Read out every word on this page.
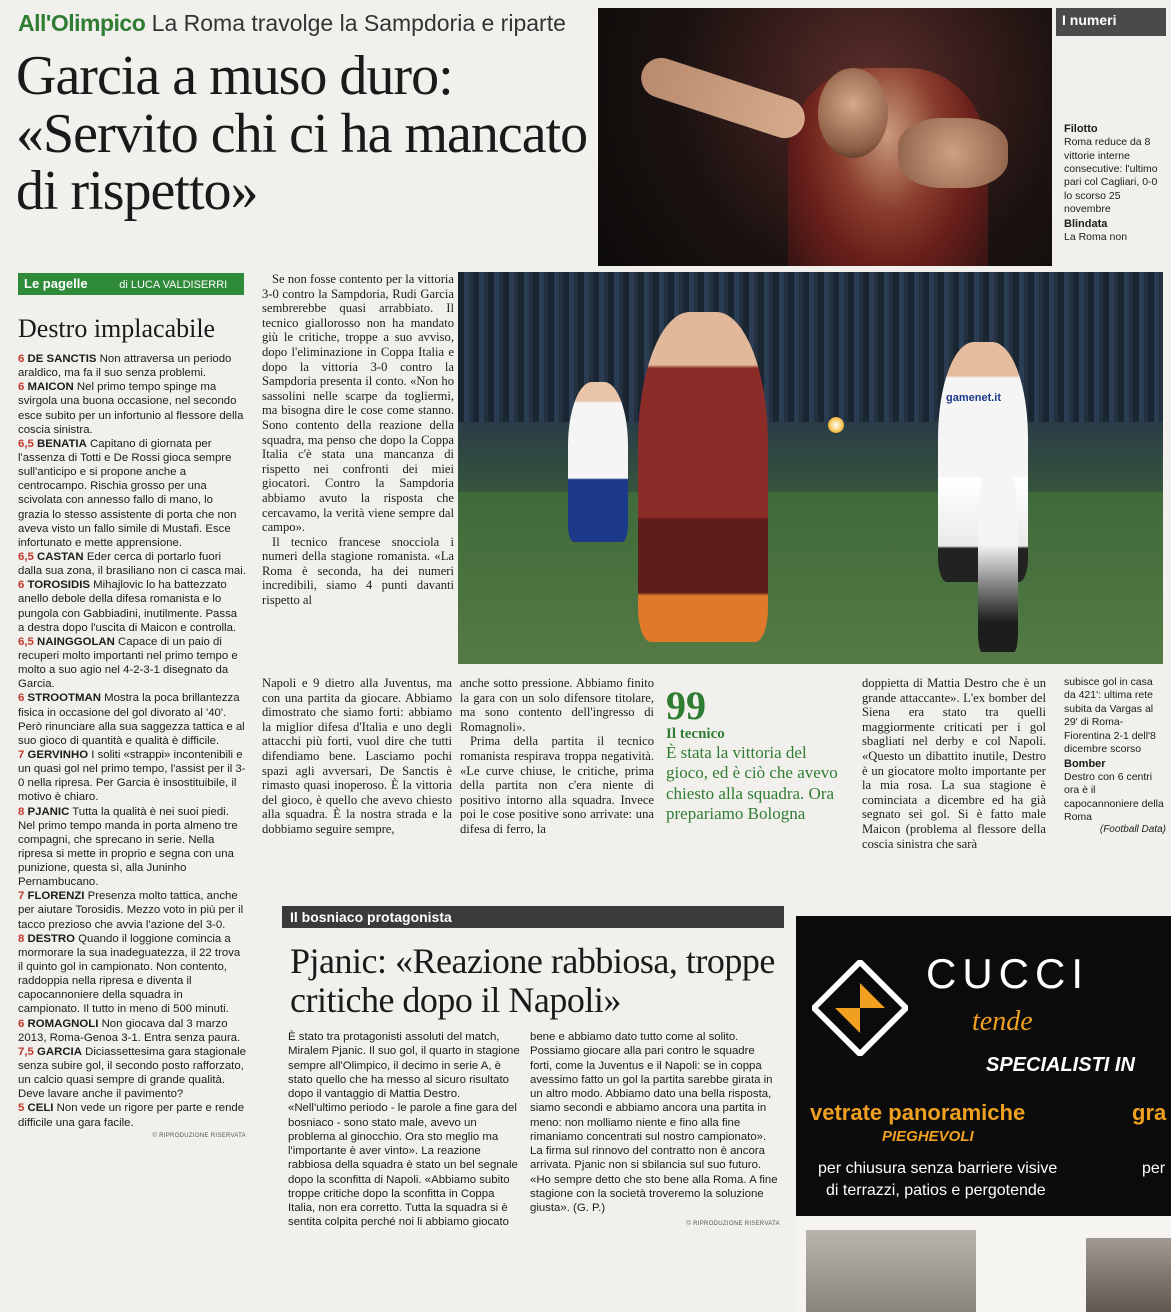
All'Olimpico La Roma travolge la Sampdoria e riparte
Garcia a muso duro: «Servito chi ci ha mancato di rispetto»
I numeri
Filotto
Roma reduce da 8 vittorie interne consecutive: l'ultimo pari col Cagliari, 0-0 lo scorso 25 novembre
Blindata
La Roma non
gamenet.it
Le pagelle	di LUCA VALDISERRI
Destro implacabile

6 DE SANCTIS Non attraversa un periodo araldico, ma fa il suo senza problemi.

6 MAICON Nel primo tempo spinge ma svirgola una buona occasione, nel secondo esce subito per un infortunio al flessore della coscia sinistra.

6,5 BENATIA Capitano di giornata per l'assenza di Totti e De Rossi gioca sempre sull'anticipo e si propone anche a centrocampo. Rischia grosso per una scivolata con annesso fallo di mano, lo grazia lo stesso assistente di porta che non aveva visto un fallo simile di Mustafi. Esce infortunato e mette apprensione.

6,5 CASTAN Eder cerca di portarlo fuori dalla sua zona, il brasiliano non ci casca mai.

6 TOROSIDIS Mihajlovic lo ha battezzato anello debole della difesa romanista e lo pungola con Gabbiadini, inutilmente. Passa a destra dopo l'uscita di Maicon e controlla.

6,5 NAINGGOLAN Capace di un paio di recuperi molto importanti nel primo tempo e molto a suo agio nel 4-2-3-1 disegnato da Garcia.

6 STROOTMAN Mostra la poca brillantezza fisica in occasione del gol divorato al '40'. Però rinunciare alla sua saggezza tattica e al suo gioco di quantità e qualità è difficile.

7 GERVINHO I soliti «strappi» incontenibili e un quasi gol nel primo tempo, l'assist per il 3-0 nella ripresa. Per Garcia è insostituibile, il motivo è chiaro.

8 PJANIC Tutta la qualità è nei suoi piedi. Nel primo tempo manda in porta almeno tre compagni, che sprecano in serie. Nella ripresa si mette in proprio e segna con una punizione, questa sì, alla Juninho Pernambucano.

7 FLORENZI Presenza molto tattica, anche per aiutare Torosidis. Mezzo voto in più per il tacco prezioso che avvia l'azione del 3-0.

8 DESTRO Quando il loggione comincia a mormorare la sua inadeguatezza, il 22 trova il quinto gol in campionato. Non contento, raddoppia nella ripresa e diventa il capocannoniere della squadra in campionato. Il tutto in meno di 500 minuti.

6 ROMAGNOLI Non giocava dal 3 marzo 2013, Roma-Genoa 3-1. Entra senza paura.

7,5 GARCIA Diciassettesima gara stagionale senza subire gol, il secondo posto rafforzato, un calcio quasi sempre di grande qualità. Deve lavare anche il pavimento?

5 CELI Non vede un rigore per parte e rende difficile una gara facile.

© RIPRODUZIONE RISERVATA

Se non fosse contento per la vittoria 3-0 contro la Sampdoria, Rudi Garcia sembrerebbe quasi arrabbiato. Il tecnico giallorosso non ha mandato giù le critiche, troppe a suo avviso, dopo l'eliminazione in Coppa Italia e dopo la vittoria 3-0 contro la Sampdoria presenta il conto. «Non ho sassolini nelle scarpe da togliermi, ma bisogna dire le cose come stanno. Sono contento della reazione della squadra, ma penso che dopo la Coppa Italia c'è stata una mancanza di rispetto nei confronti dei miei giocatori. Contro la Sampdoria abbiamo avuto la risposta che cercavamo, la verità viene sempre dal campo».

Il tecnico francese snocciola i numeri della stagione romanista. «La Roma è seconda, ha dei numeri incredibili, siamo 4 punti davanti rispetto al

Napoli e 9 dietro alla Juventus, ma con una partita da giocare. Abbiamo dimostrato che siamo forti: abbiamo la miglior difesa d'Italia e uno degli attacchi più forti, vuol dire che tutti difendiamo bene. Lasciamo pochi spazi agli avversari, De Sanctis è rimasto quasi inoperoso. È la vittoria del gioco, è quello che avevo chiesto alla squadra. È la nostra strada e la dobbiamo seguire sempre,

anche sotto pressione. Abbiamo finito la gara con un solo difensore titolare, ma sono contento dell'ingresso di Romagnoli».

Prima della partita il tecnico romanista respirava troppa negatività. «Le curve chiuse, le critiche, prima della partita non c'era niente di positivo intorno alla squadra. Invece poi le cose positive sono arrivate: una difesa di ferro, la

99
Il tecnico
È stata la vittoria del gioco, ed è ciò che avevo chiesto alla squadra. Ora prepariamo Bologna

doppietta di Mattia Destro che è un grande attaccante». L'ex bomber del Siena era stato tra quelli maggiormente criticati per i gol sbagliati nel derby e col Napoli. «Questo un dibattito inutile, Destro è un giocatore molto importante per la mia rosa. La sua stagione è cominciata a dicembre ed ha già segnato sei gol. Si è fatto male Maicon (problema al flessore della coscia sinistra che sarà

subisce gol in casa da 421': ultima rete subita da Vargas al 29' di Roma-Fiorentina 2-1 dell'8 dicembre scorso
Bomber
Destro con 6 centri ora è il capocannoniere della Roma
(Football Data)
Il bosniaco protagonista
Pjanic: «Reazione rabbiosa, troppe critiche dopo il Napoli»
È stato tra protagonisti assoluti del match, Miralem Pjanic. Il suo gol, il quarto in stagione sempre all'Olimpico, il decimo in serie A, è stato quello che ha messo al sicuro risultato dopo il vantaggio di Mattia Destro. «Nell'ultimo periodo - le parole a fine gara del bosniaco - sono stato male, avevo un problema al ginocchio. Ora sto meglio ma l'importante è aver vinto». La reazione rabbiosa della squadra è stato un bel segnale dopo la sconfitta di Napoli. «Abbiamo subito troppe critiche dopo la sconfitta in Coppa Italia, non era corretto. Tutta la squadra si è sentita colpita perché noi li abbiamo giocato
bene e abbiamo dato tutto come al solito. Possiamo giocare alla pari contro le squadre forti, come la Juventus e il Napoli: se in coppa avessimo fatto un gol la partita sarebbe girata in un altro modo. Abbiamo dato una bella risposta, siamo secondi e abbiamo ancora una partita in meno: non molliamo niente e fino alla fine rimaniamo concentrati sul nostro campionato». La firma sul rinnovo del contratto non è ancora arrivata. Pjanic non si sbilancia sul suo futuro. «Ho sempre detto che sto bene alla Roma. A fine stagione con la società troveremo la soluzione giusta». (G. P.)
© RIPRODUZIONE RISERVATA
CUCCI
tende
SPECIALISTI IN
vetrate panoramiche	gra
PIEGHEVOLI
per chiusura senza barriere visive	per
di terrazzi, patios e pergotende
